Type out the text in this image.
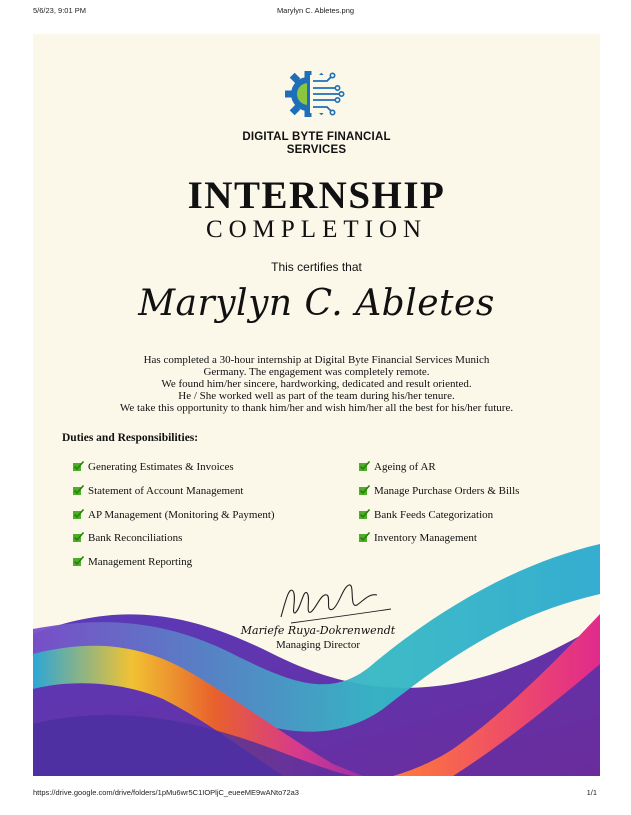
5/6/23, 9:01 PM	Marylyn C. Abletes.png
DIGITAL BYTE FINANCIAL
SERVICES
INTERNSHIP
COMPLETION
This certifies that
Marylyn C. Abletes
Has completed a 30-hour internship at Digital Byte Financial Services Munich
Germany. The engagement was completely remote.
We found him/her sincere, hardworking, dedicated and result oriented.
He / She worked well as part of the team during his/her tenure.
We take this opportunity to thank him/her and wish him/her all the best for his/her future.
Duties and Responsibilities:
Generating Estimates & Invoices
Statement of Account Management
AP Management (Monitoring & Payment)
Bank Reconciliations
Management Reporting
Ageing of AR
Manage Purchase Orders & Bills
Bank Feeds Categorization
Inventory Management
Mariefe Ruya-Dokrenwendt
Managing Director
https://drive.google.com/drive/folders/1pMu6wr5C1IOPljC_eueeME9wANto72a3	1/1
